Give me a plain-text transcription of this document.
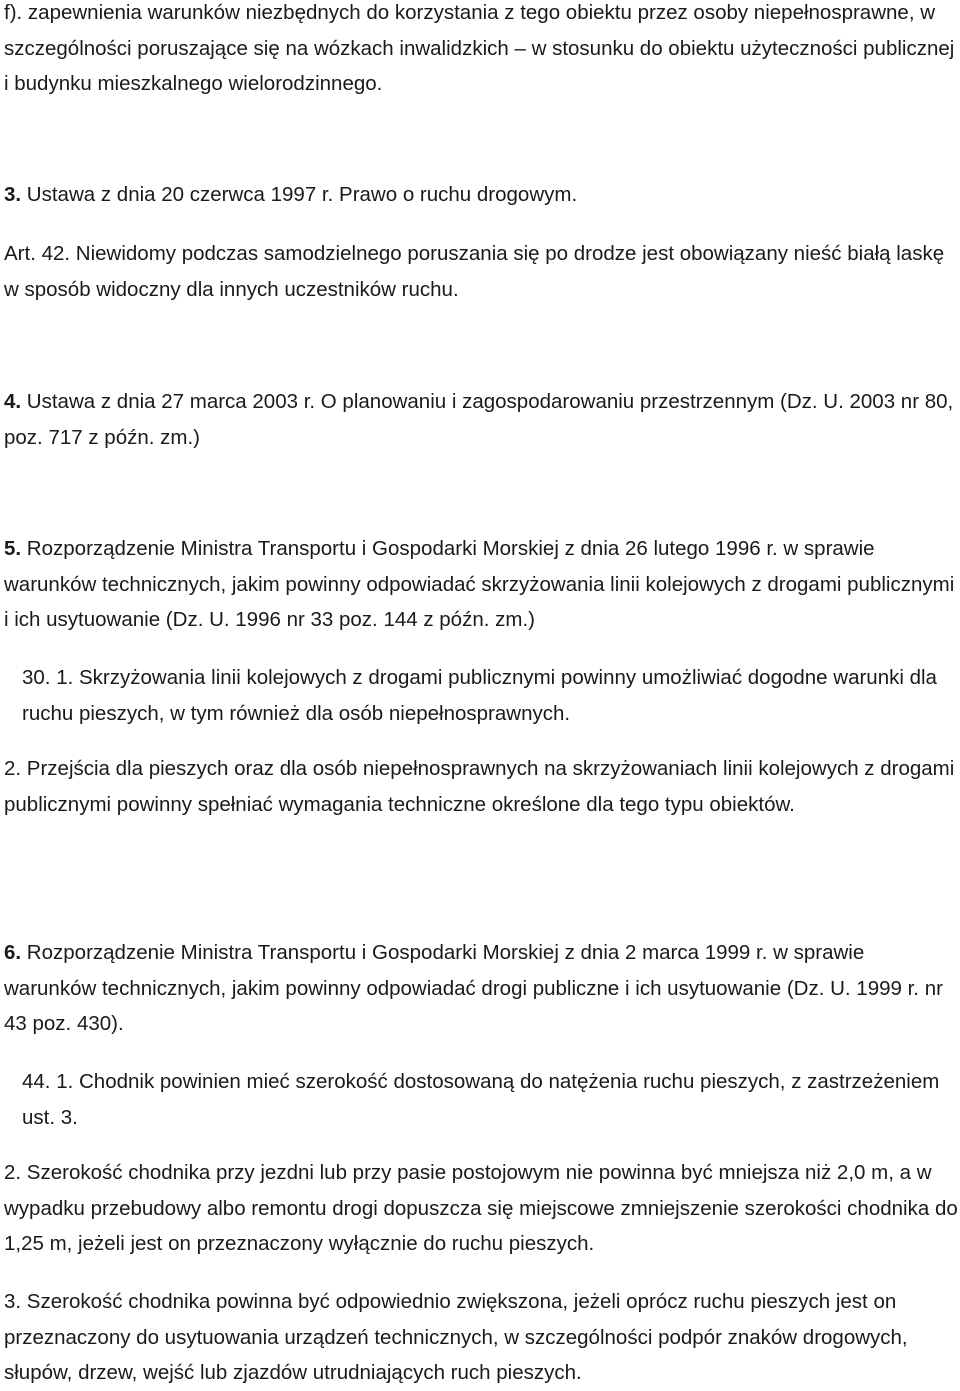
f). zapewnienia warunków niezbędnych do korzystania z tego obiektu przez osoby niepełnosprawne, w szczególności poruszające się na wózkach inwalidzkich – w stosunku do obiektu użyteczności publicznej i budynku mieszkalnego wielorodzinnego.

3. Ustawa z dnia 20 czerwca 1997 r. Prawo o ruchu drogowym.

Art. 42. Niewidomy podczas samodzielnego poruszania się po drodze jest obowiązany nieść białą laskę w sposób widoczny dla innych uczestników ruchu.

4. Ustawa z dnia 27 marca 2003 r. O planowaniu i zagospodarowaniu przestrzennym (Dz. U. 2003 nr 80, poz. 717 z późn. zm.)

5. Rozporządzenie Ministra Transportu i Gospodarki Morskiej z dnia 26 lutego 1996 r. w sprawie warunków technicznych, jakim powinny odpowiadać skrzyżowania linii kolejowych z drogami publicznymi i ich usytuowanie (Dz. U. 1996 nr 33 poz. 144 z późn. zm.)

30. 1. Skrzyżowania linii kolejowych z drogami publicznymi powinny umożliwiać dogodne warunki dla ruchu pieszych, w tym również dla osób niepełnosprawnych.

2. Przejścia dla pieszych oraz dla osób niepełnosprawnych na skrzyżowaniach linii kolejowych z drogami publicznymi powinny spełniać wymagania techniczne określone dla tego typu obiektów.

6. Rozporządzenie Ministra Transportu i Gospodarki Morskiej z dnia 2 marca 1999 r. w sprawie warunków technicznych, jakim powinny odpowiadać drogi publiczne i ich usytuowanie (Dz. U. 1999 r. nr 43 poz. 430).

44. 1. Chodnik powinien mieć szerokość dostosowaną do natężenia ruchu pieszych, z zastrzeżeniem ust. 3.

2. Szerokość chodnika przy jezdni lub przy pasie postojowym nie powinna być mniejsza niż 2,0 m, a w wypadku przebudowy albo remontu drogi dopuszcza się miejscowe zmniejszenie szerokości chodnika do 1,25 m, jeżeli jest on przeznaczony wyłącznie do ruchu pieszych.

3. Szerokość chodnika powinna być odpowiednio zwiększona, jeżeli oprócz ruchu pieszych jest on przeznaczony do usytuowania urządzeń technicznych, w szczególności podpór znaków drogowych, słupów, drzew, wejść lub zjazdów utrudniających ruch pieszych.
